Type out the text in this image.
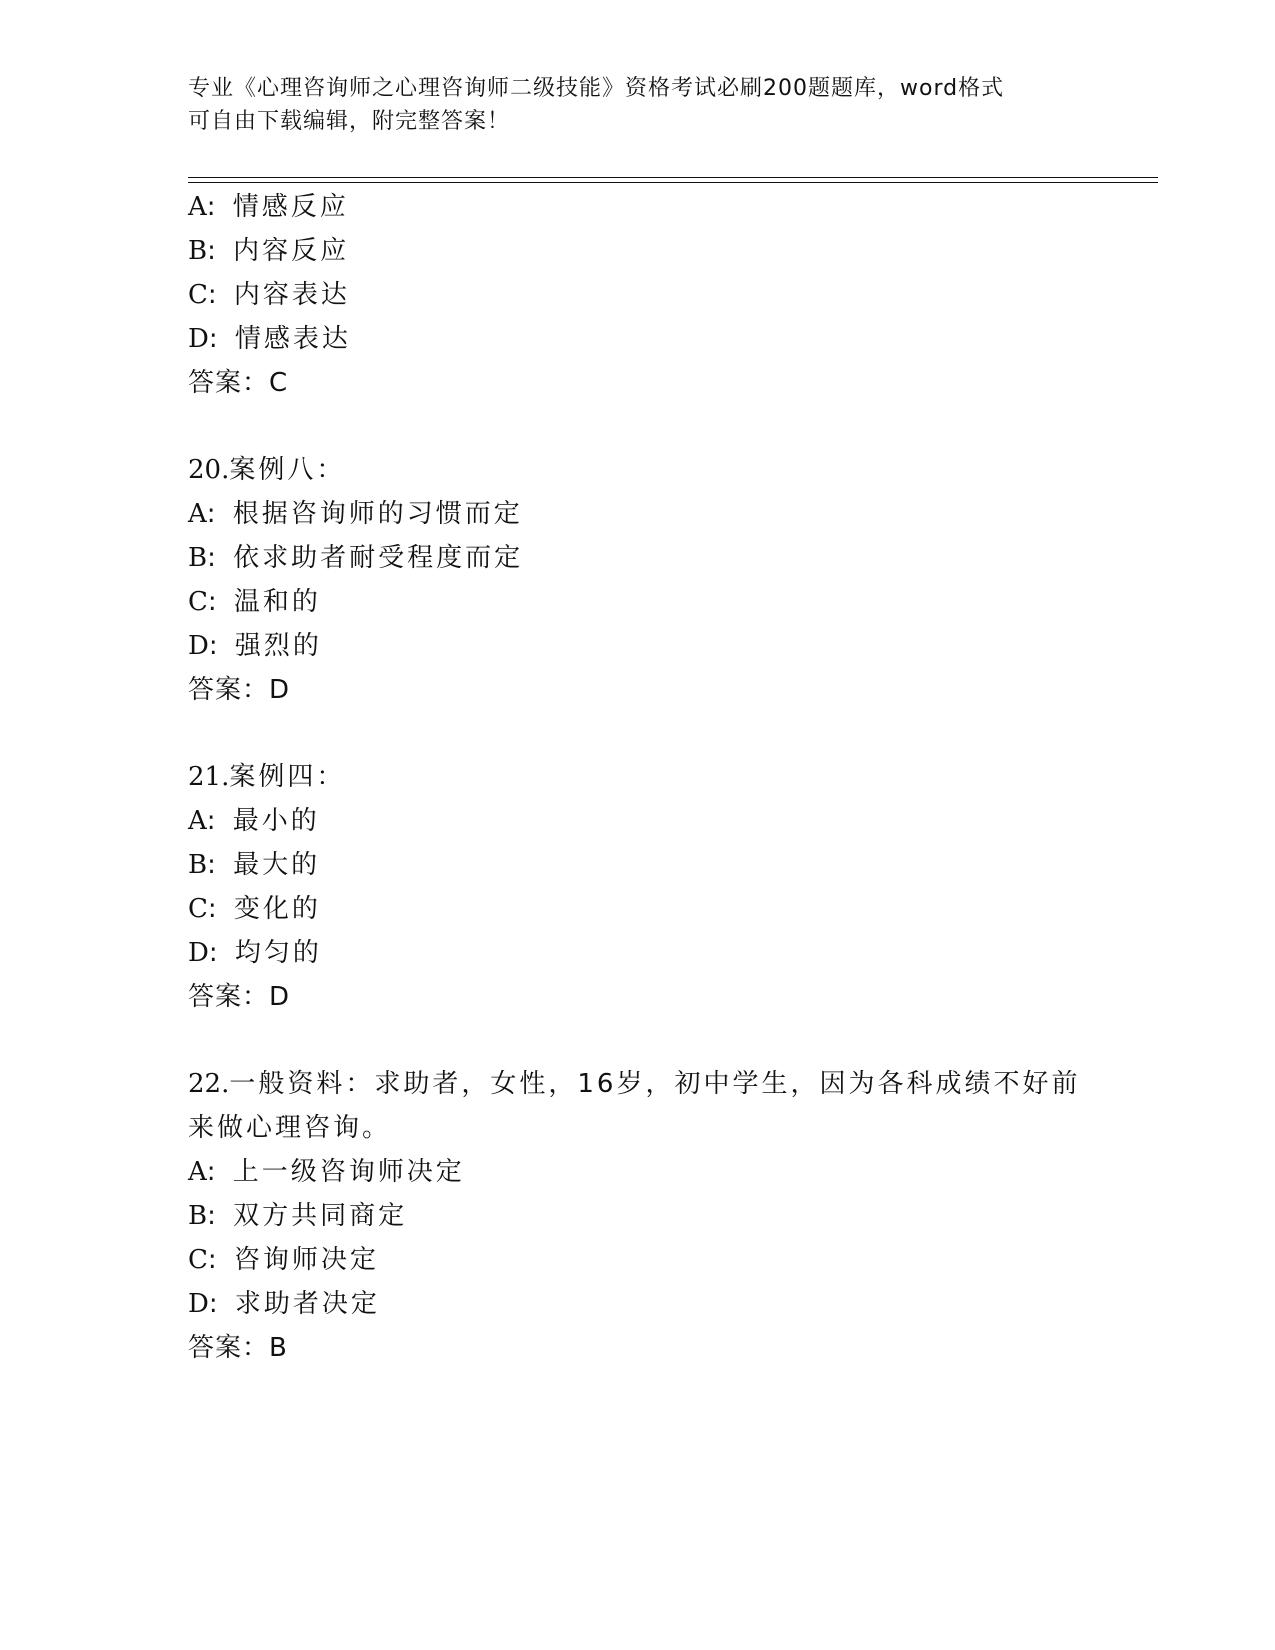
专业《心理咨询师之心理咨询师二级技能》资格考试必刷200题题库，word格式
可自由下载编辑，附完整答案！
A: 情感反应
B: 内容反应
C: 内容表达
D: 情感表达
答案：C
20.案例八：
A: 根据咨询师的习惯而定
B: 依求助者耐受程度而定
C: 温和的
D: 强烈的
答案：D
21.案例四：
A: 最小的
B: 最大的
C: 变化的
D: 均匀的
答案：D
22.一般资料：求助者，女性，16岁，初中学生，因为各科成绩不好前
来做心理咨询。
A: 上一级咨询师决定
B: 双方共同商定
C: 咨询师决定
D: 求助者决定
答案：B
